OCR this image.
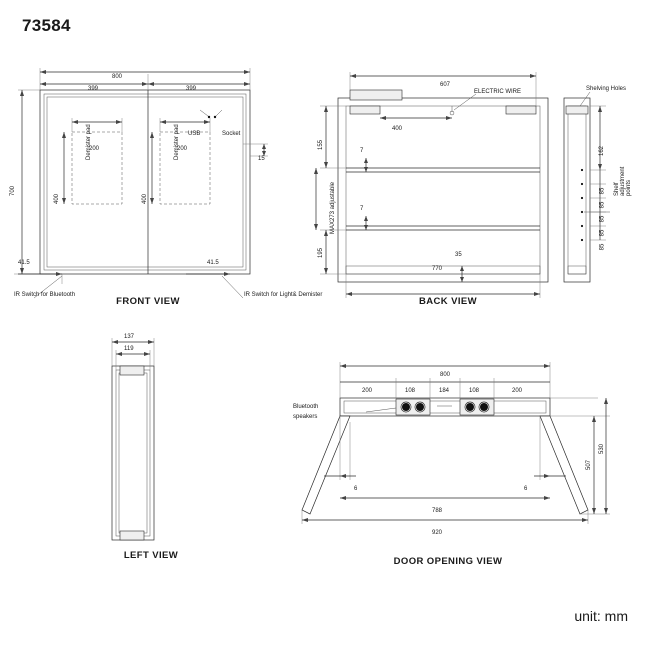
73584
unit: mm
800
399	399
700
200	200
400	400
15
41.5	41.5
Demister pad	Demister pad USB	Socket
IR Switch for Bluetooth	IR Switch for Light& Demister
FRONT VIEW
607
400
155
195
MAX273 adjustable
7
7
770
35
ELECTRIC WIRE
BACK VIEW
Shelving Holes
Shelf adjustment points
162
85
85
85
85
85
137
119
LEFT VIEW
800
200	108	184	108	200
Bluetooth
speakers
6	6
788
920
507
530
DOOR OPENING VIEW
